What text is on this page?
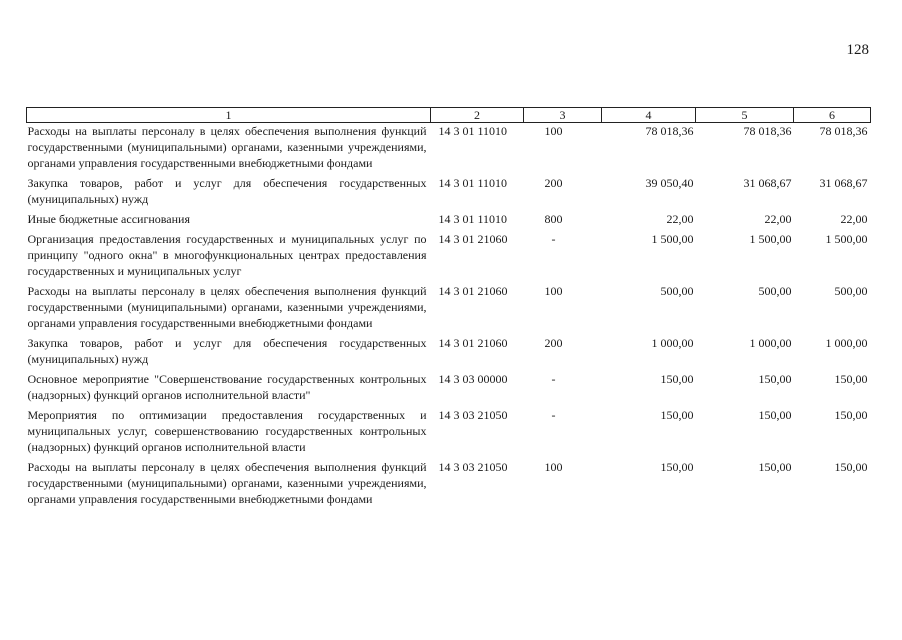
128
1	2	3	4	5	6
Расходы на выплаты персоналу в целях обеспечения выполнения функций государственными (муниципальными) органами, казенными учреждениями, органами управления государственными внебюджетными фондами	14 3 01 11010	100	78 018,36	78 018,36	78 018,36
Закупка товаров, работ и услуг для обеспечения государственных (муниципальных) нужд	14 3 01 11010	200	39 050,40	31 068,67	31 068,67
Иные бюджетные ассигнования	14 3 01 11010	800	22,00	22,00	22,00
Организация предоставления государственных и муниципальных услуг по принципу "одного окна" в многофункциональных центрах предоставления государственных и муниципальных услуг	14 3 01 21060	-	1 500,00	1 500,00	1 500,00
Расходы на выплаты персоналу в целях обеспечения выполнения функций государственными (муниципальными) органами, казенными учреждениями, органами управления государственными внебюджетными фондами	14 3 01 21060	100	500,00	500,00	500,00
Закупка товаров, работ и услуг для обеспечения государственных (муниципальных) нужд	14 3 01 21060	200	1 000,00	1 000,00	1 000,00
Основное мероприятие "Совершенствование государственных контрольных (надзорных) функций органов исполнительной власти"	14 3 03 00000	-	150,00	150,00	150,00
Мероприятия по оптимизации предоставления государственных и муниципальных услуг, совершенствованию государственных контрольных (надзорных) функций органов исполнительной власти	14 3 03 21050	-	150,00	150,00	150,00
Расходы на выплаты персоналу в целях обеспечения выполнения функций государственными (муниципальными) органами, казенными учреждениями, органами управления государственными внебюджетными фондами	14 3 03 21050	100	150,00	150,00	150,00
